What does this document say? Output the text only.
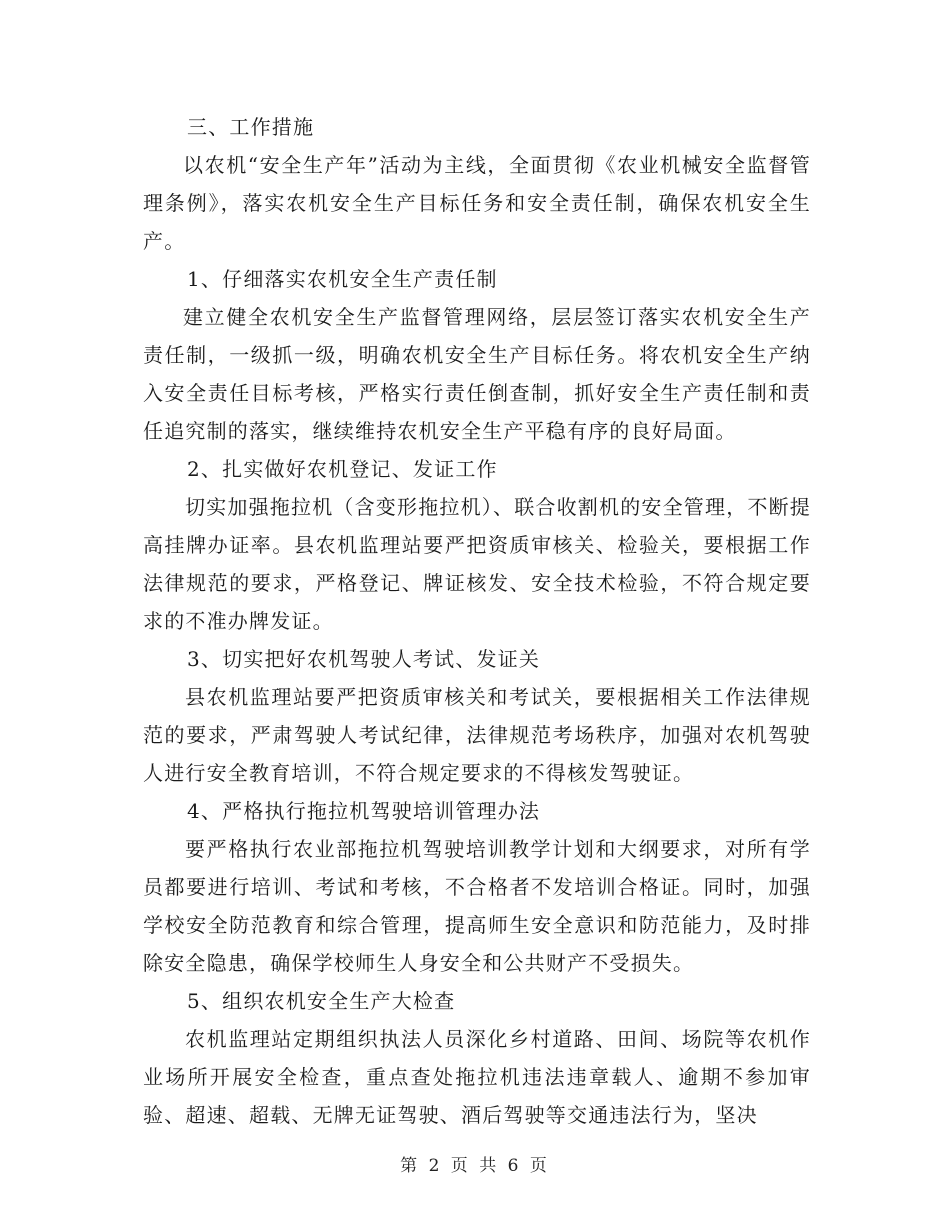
三、工作措施

以农机“安全生产年”活动为主线，全面贯彻《农业机械安全监督管理条例》，落实农机安全生产目标任务和安全责任制，确保农机安全生产。

1、仔细落实农机安全生产责任制

建立健全农机安全生产监督管理网络，层层签订落实农机安全生产责任制，一级抓一级，明确农机安全生产目标任务。将农机安全生产纳入安全责任目标考核，严格实行责任倒查制，抓好安全生产责任制和责任追究制的落实，继续维持农机安全生产平稳有序的良好局面。

2、扎实做好农机登记、发证工作

切实加强拖拉机（含变形拖拉机）、联合收割机的安全管理，不断提高挂牌办证率。县农机监理站要严把资质审核关、检验关，要根据工作法律规范的要求，严格登记、牌证核发、安全技术检验，不符合规定要求的不准办牌发证。

3、切实把好农机驾驶人考试、发证关

县农机监理站要严把资质审核关和考试关，要根据相关工作法律规范的要求，严肃驾驶人考试纪律，法律规范考场秩序，加强对农机驾驶人进行安全教育培训，不符合规定要求的不得核发驾驶证。

4、严格执行拖拉机驾驶培训管理办法

要严格执行农业部拖拉机驾驶培训教学计划和大纲要求，对所有学员都要进行培训、考试和考核，不合格者不发培训合格证。同时，加强学校安全防范教育和综合管理，提高师生安全意识和防范能力，及时排除安全隐患，确保学校师生人身安全和公共财产不受损失。

5、组织农机安全生产大检查

农机监理站定期组织执法人员深化乡村道路、田间、场院等农机作业场所开展安全检查，重点查处拖拉机违法违章载人、逾期不参加审验、超速、超载、无牌无证驾驶、酒后驾驶等交通违法行为，坚决

第 2 页 共 6 页
